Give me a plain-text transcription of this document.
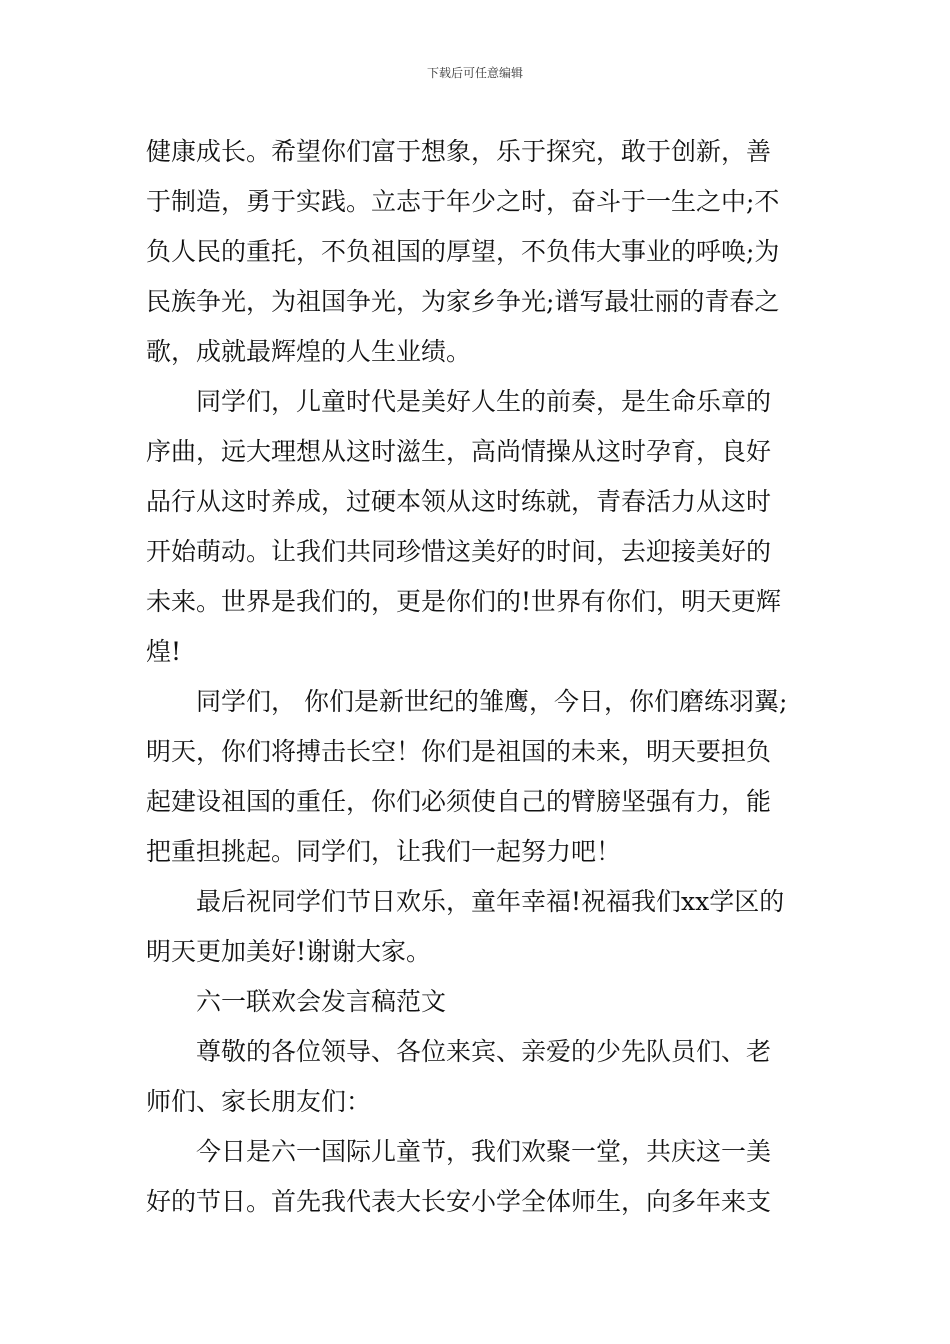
下载后可任意编辑
健康成长。希望你们富于想象，乐于探究，敢于创新，善
于制造，勇于实践。立志于年少之时，奋斗于一生之中;不
负人民的重托，不负祖国的厚望，不负伟大事业的呼唤;为
民族争光，为祖国争光，为家乡争光;谱写最壮丽的青春之
歌，成就最辉煌的人生业绩。
同学们，儿童时代是美好人生的前奏，是生命乐章的
序曲，远大理想从这时滋生，高尚情操从这时孕育，良好
品行从这时养成，过硬本领从这时练就，青春活力从这时
开始萌动。让我们共同珍惜这美好的时间，去迎接美好的
未来。世界是我们的，更是你们的!世界有你们，明天更辉
煌!
同学们， 你们是新世纪的雏鹰，今日，你们磨练羽翼;
明天，你们将搏击长空！你们是祖国的未来，明天要担负
起建设祖国的重任，你们必须使自己的臂膀坚强有力，能
把重担挑起。同学们，让我们一起努力吧！
最后祝同学们节日欢乐，童年幸福!祝福我们xx学区的
明天更加美好!谢谢大家。
六一联欢会发言稿范文
尊敬的各位领导、各位来宾、亲爱的少先队员们、老
师们、家长朋友们：
今日是六一国际儿童节，我们欢聚一堂，共庆这一美
好的节日。首先我代表大长安小学全体师生，向多年来支
